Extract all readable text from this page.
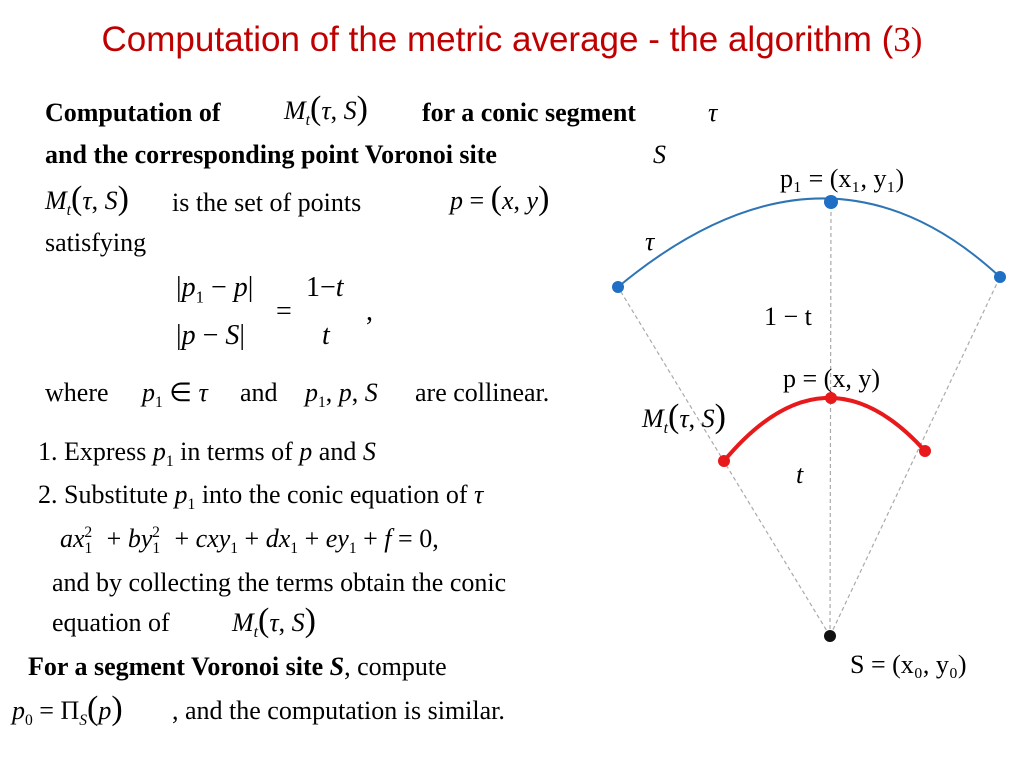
Computation of the metric average - the algorithm (3)
Computation of $M_t(\tau$, S) for a conic segment	τ
and the corresponding point Voronoi site	S
$M_t(\tau$, S) is the set of points	p = (x, y)
satisfying
$|p_1 - p|$
|p − S|
=
1−t
t
,
where $p_1$ ∈ τ and $p_1$, p, S are collinear.
1. Express $p_1$ in terms of p and S
2. Substitute $p_1$ into the conic equation of τ
$ax_1^2 + by_1^2 + cxy_1 + dx_1 + ey_1 + f = 0$,
and by collecting the terms obtain the conic
equation of $M_t(\tau$, S)
For a segment Voronoi site S, compute
$p_0 = \Pi_S(p)$ , and the computation is similar.
p₁ = (x₁, y₁)
τ
1 − t
p = (x, y)
$M_t(\tau$, S)
t
S = (x₀, y₀)
